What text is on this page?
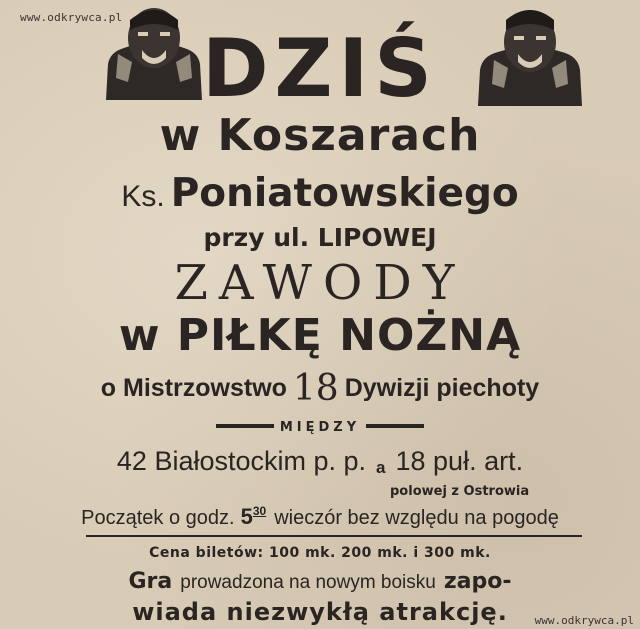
www.odkrywca.pl
www.odkrywca.pl
DZIŚ
w Koszarach
Ks. Poniatowskiego
przy ul. LIPOWEJ
ZAWODY
w PIŁKĘ NOŻNĄ
o Mistrzowstwo 18 Dywizji piechoty
MIĘDZY
42 Białostockim p. p. a 18 puł. art.
polowej z Ostrowia
Początek o godz. $5^{30}$ wieczór bez względu na pogodę
Cena biletów: 100 mk. 200 mk. i 300 mk.
Gra prowadzona na nowym boisku zapo-
wiada niezwykłą atrakcję.
